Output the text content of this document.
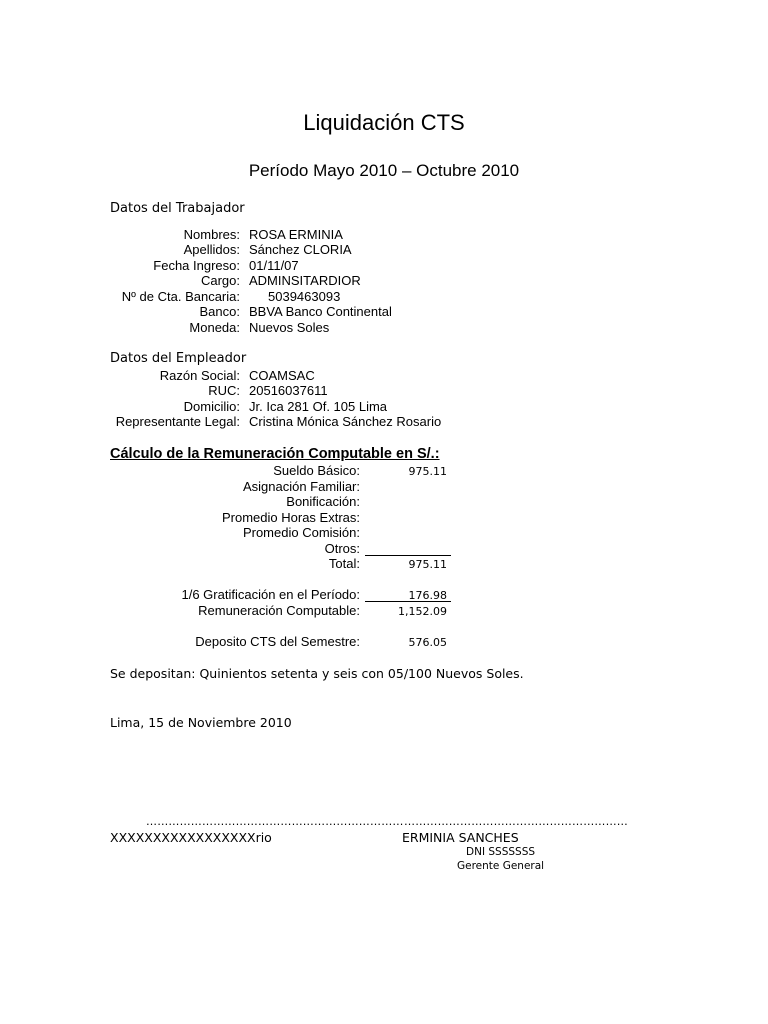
Liquidación CTS
Período Mayo 2010 – Octubre 2010
Datos del Trabajador
Nombres: ROSA ERMINIA
Apellidos: Sánchez CLORIA
Fecha Ingreso: 01/11/07
Cargo: ADMINSITARDIOR
Nº de Cta. Bancaria: 5039463093
Banco: BBVA Banco Continental
Moneda: Nuevos Soles
Datos del Empleador
Razón Social: COAMSAC
RUC: 20516037611
Domicilio: Jr. Ica 281 Of. 105 Lima
Representante Legal: Cristina Mónica Sánchez Rosario
Cálculo de la Remuneración Computable en S/.:
Sueldo Básico:	975.11
Asignación Familiar:
Bonificación:
Promedio Horas Extras:
Promedio Comisión:
Otros:
Total:	975.11
1/6 Gratificación en el Período:	176.98
Remuneración Computable:	1,152.09
Deposito CTS del Semestre:	576.05
Se depositan: Quinientos setenta y seis con 05/100 Nuevos Soles.
Lima, 15 de Noviembre 2010
……………………………………………………………
XXXXXXXXXXXXXXXXXrio
……………………………………………………
ERMINIA SANCHES
DNI SSSSSSS
Gerente General
